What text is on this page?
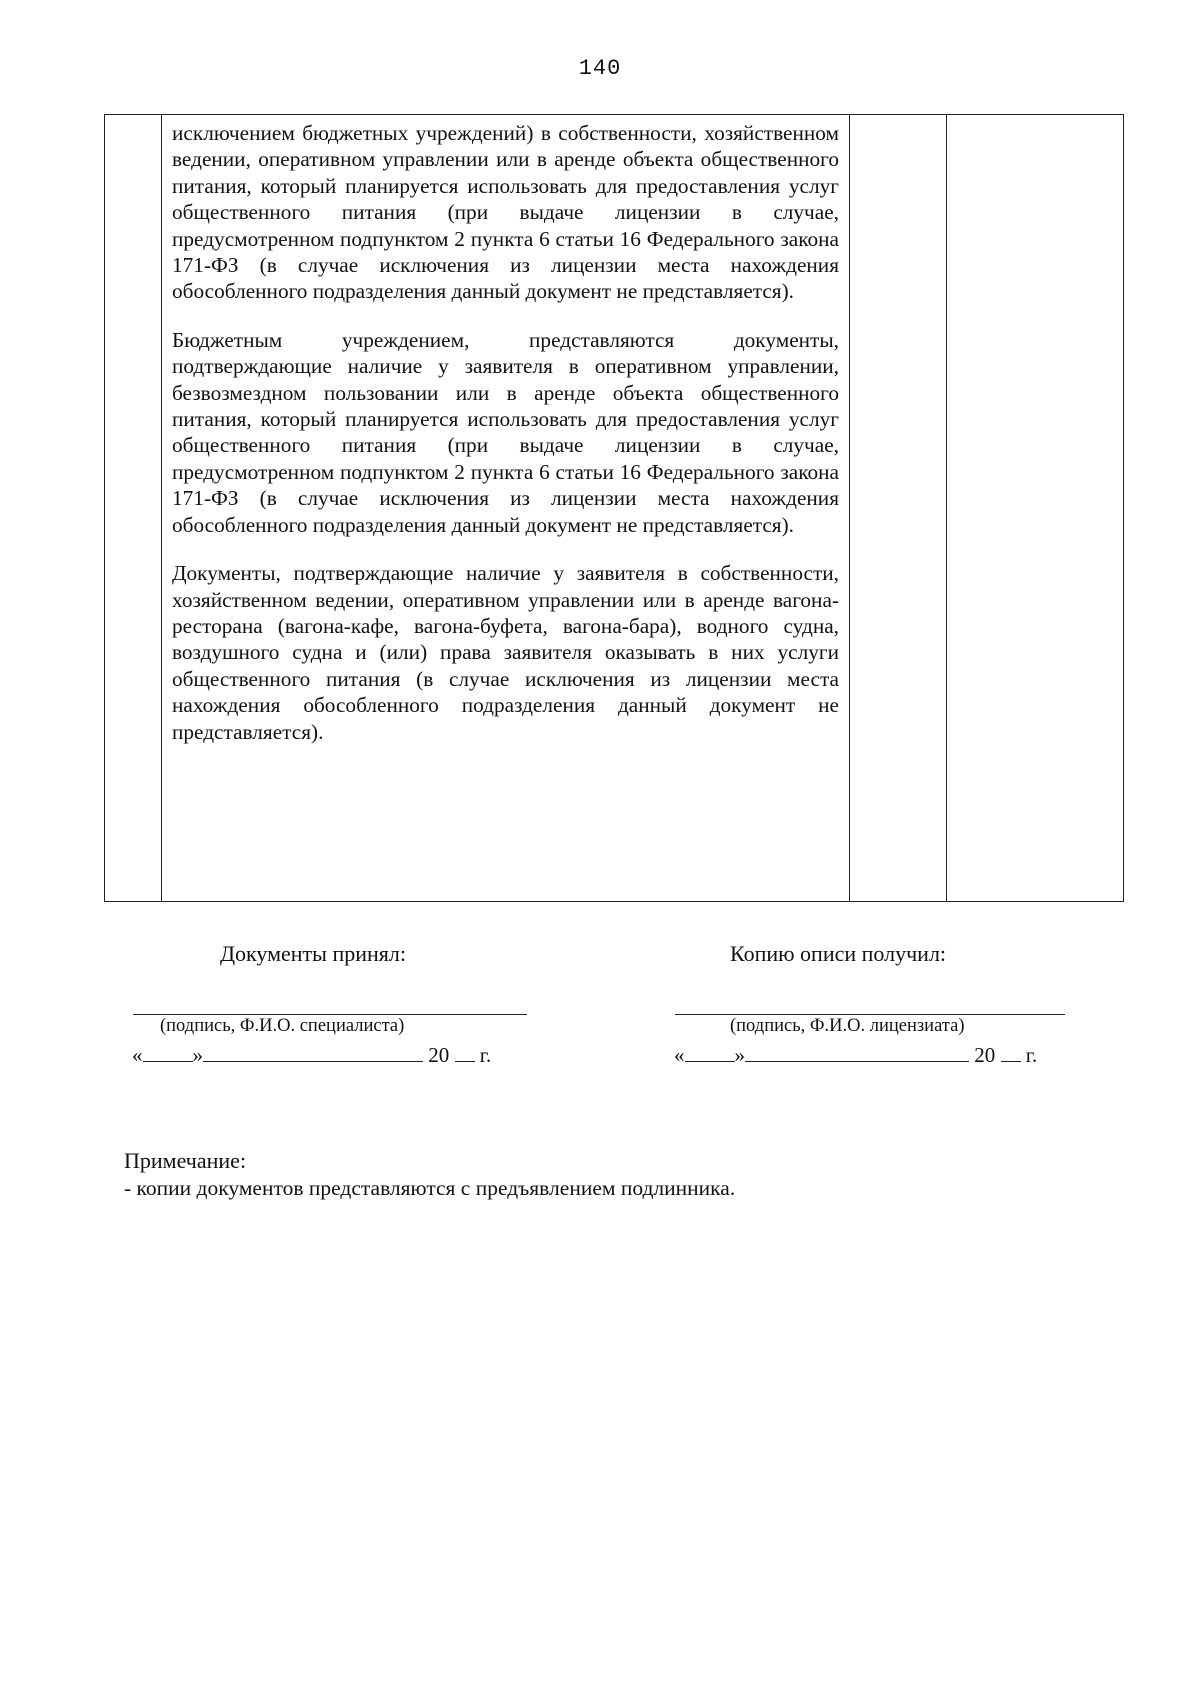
140

исключением бюджетных учреждений) в собственности, хозяйственном ведении, оперативном управлении или в аренде объекта общественного питания, который планируется использовать для предоставления услуг общественного питания (при выдаче лицензии в случае, предусмотренном подпунктом 2 пункта 6 статьи 16 Федерального закона 171-ФЗ (в случае исключения из лицензии места нахождения обособленного подразделения данный документ не представляется).

Бюджетным учреждением, представляются документы, подтверждающие наличие у заявителя в оперативном управлении, безвозмездном пользовании или в аренде объекта общественного питания, который планируется использовать для предоставления услуг общественного питания (при выдаче лицензии в случае, предусмотренном подпунктом 2 пункта 6 статьи 16 Федерального закона 171-ФЗ (в случае исключения из лицензии места нахождения обособленного подразделения данный документ не представляется).

Документы, подтверждающие наличие у заявителя в собственности, хозяйственном ведении, оперативном управлении или в аренде вагона-ресторана (вагона-кафе, вагона-буфета, вагона-бара), водного судна, воздушного судна и (или) права заявителя оказывать в них услуги общественного питания (в случае исключения из лицензии места нахождения обособленного подразделения данный документ не представляется).

Документы принял:
(подпись, Ф.И.О. специалиста)
« »	20 г.
Копию описи получил:
(подпись, Ф.И.О. лицензиата)
« »	20 г.
Примечание:
- копии документов представляются с предъявлением подлинника.
